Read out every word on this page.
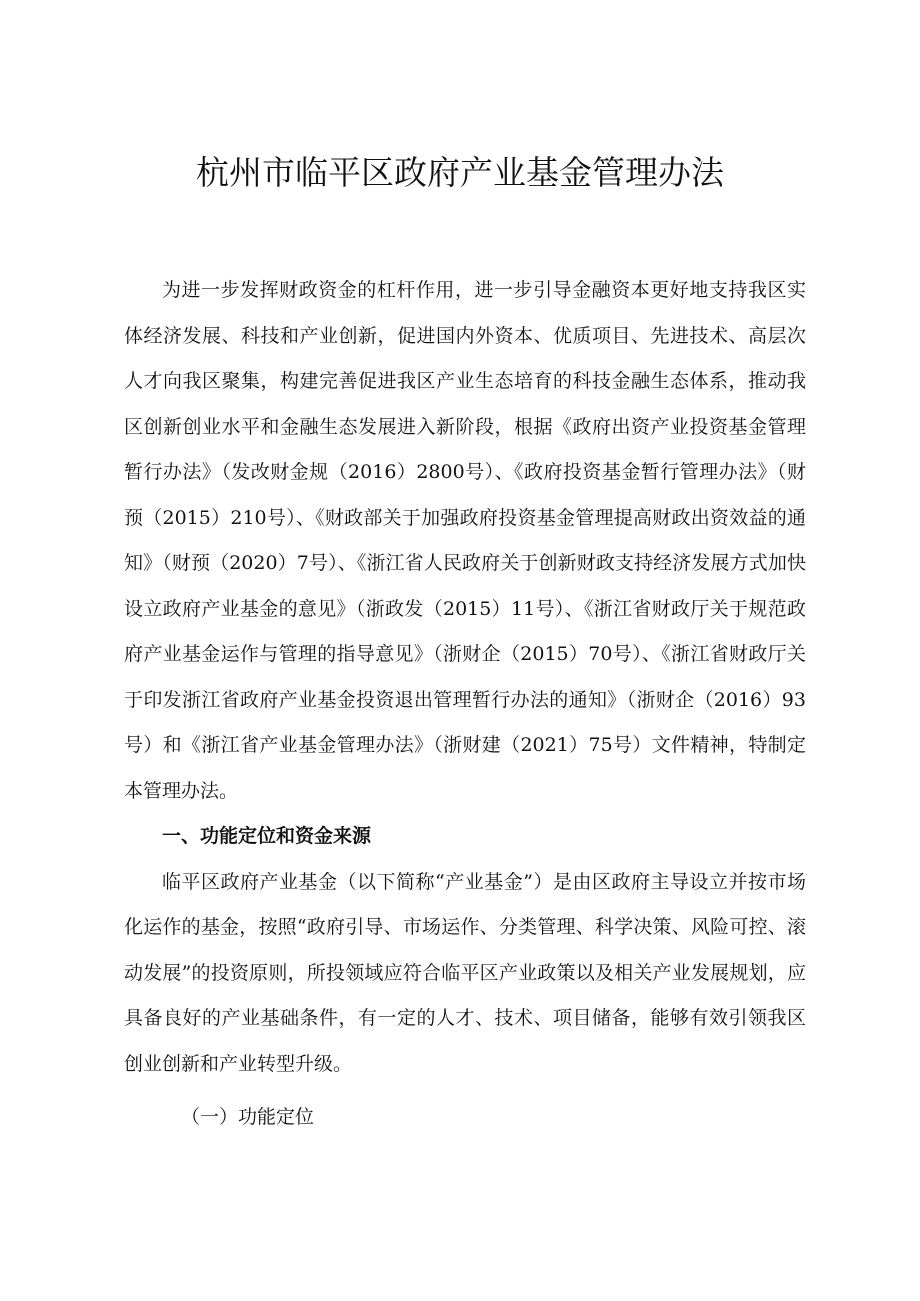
杭州市临平区政府产业基金管理办法

为进一步发挥财政资金的杠杆作用，进一步引导金融资本更好地支持我区实体经济发展、科技和产业创新，促进国内外资本、优质项目、先进技术、高层次人才向我区聚集，构建完善促进我区产业生态培育的科技金融生态体系，推动我区创新创业水平和金融生态发展进入新阶段，根据《政府出资产业投资基金管理暂行办法》（发改财金规（2016）2800号）、《政府投资基金暂行管理办法》（财预（2015）210号）、《财政部关于加强政府投资基金管理提高财政出资效益的通知》（财预（2020）7号）、《浙江省人民政府关于创新财政支持经济发展方式加快设立政府产业基金的意见》（浙政发（2015）11号）、《浙江省财政厅关于规范政府产业基金运作与管理的指导意见》（浙财企（2015）70号）、《浙江省财政厅关于印发浙江省政府产业基金投资退出管理暂行办法的通知》（浙财企（2016）93号）和《浙江省产业基金管理办法》（浙财建（2021）75号）文件精神，特制定本管理办法。

一、功能定位和资金来源

临平区政府产业基金（以下简称“产业基金”）是由区政府主导设立并按市场化运作的基金，按照“政府引导、市场运作、分类管理、科学决策、风险可控、滚动发展”的投资原则，所投领域应符合临平区产业政策以及相关产业发展规划，应具备良好的产业基础条件，有一定的人才、技术、项目储备，能够有效引领我区创业创新和产业转型升级。

（一）功能定位
